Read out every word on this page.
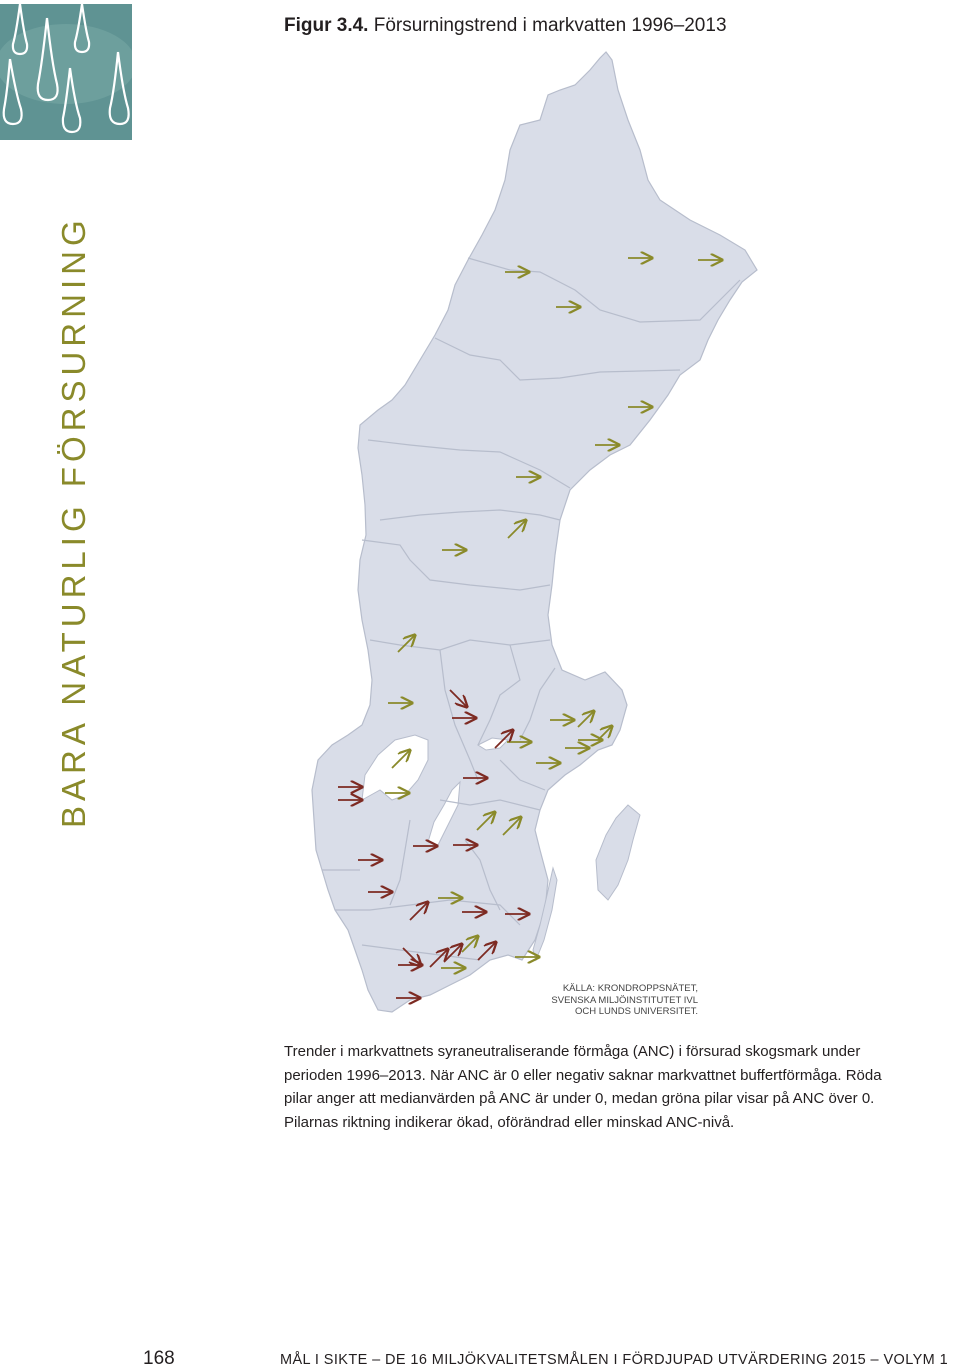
BARA NATURLIG FÖRSURNING
Figur 3.4. Försurningstrend i markvatten 1996–2013
KÄLLA: KRONDROPPSNÄTET,
SVENSKA MILJÖINSTITUTET IVL
OCH LUNDS UNIVERSITET.
Trender i markvattnets syraneutraliserande förmåga (ANC) i försurad skogsmark under perioden 1996–2013. När ANC är 0 eller negativ saknar markvattnet buffertförmåga. Röda pilar anger att medianvärden på ANC är under 0, medan gröna pilar visar på ANC över 0. Pilarnas riktning indikerar ökad, oförändrad eller minskad ANC-nivå.
168	MÅL I SIKTE – DE 16 MILJÖKVALITETSMÅLEN I FÖRDJUPAD UTVÄRDERING 2015 – VOLYM 1
